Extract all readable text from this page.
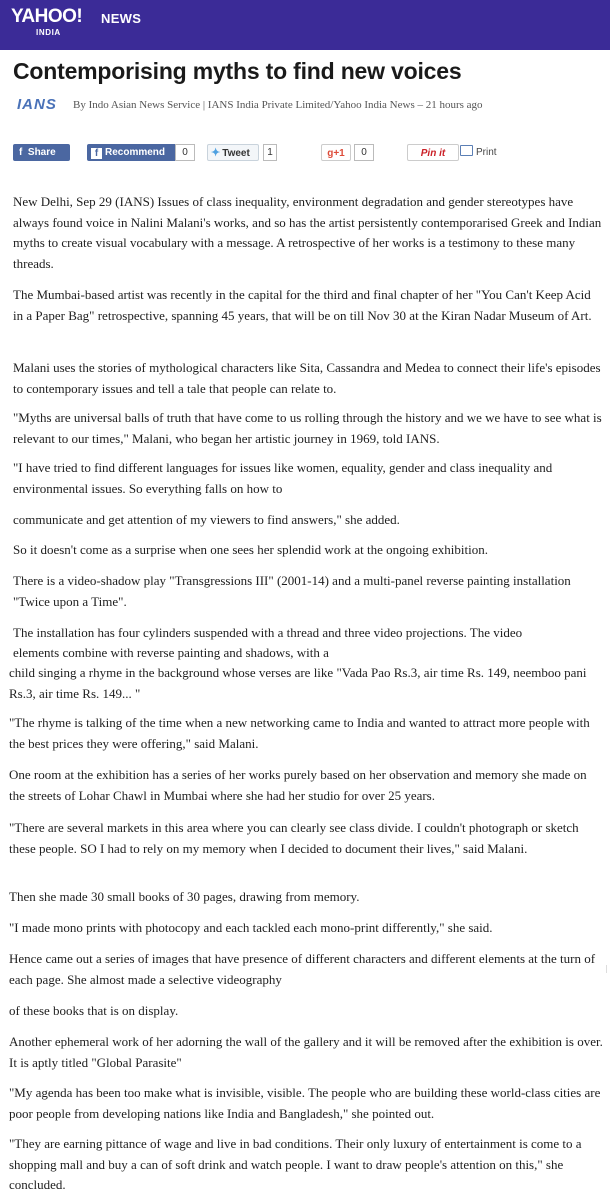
YAHOO! NEWS
INDIA
Contemporising myths to find new voices
IANS By Indo Asian News Service | IANS India Private Limited/Yahoo India News – 21 hours ago
f Share	f Recommend	0	✦ Tweet	1	g+1	0	Pin it	Print

New Delhi, Sep 29 (IANS) Issues of class inequality, environment degradation and gender stereotypes have always found voice in Nalini Malani's works, and so has the artist persistently contemporarised Greek and Indian myths to create visual vocabulary with a message. A retrospective of her works is a testimony to these many threads.

The Mumbai-based artist was recently in the capital for the third and final chapter of her "You Can't Keep Acid in a Paper Bag" retrospective, spanning 45 years, that will be on till Nov 30 at the Kiran Nadar Museum of Art.

Malani uses the stories of mythological characters like Sita, Cassandra and Medea to connect their life's episodes to contemporary issues and tell a tale that people can relate to.

"Myths are universal balls of truth that have come to us rolling through the history and we we have to see what is relevant to our times," Malani, who began her artistic journey in 1969, told IANS.

"I have tried to find different languages for issues like women, equality, gender and class inequality and environmental issues. So everything falls on how to

communicate and get attention of my viewers to find answers," she added.

So it doesn't come as a surprise when one sees her splendid work at the ongoing exhibition.

There is a video-shadow play "Transgressions III" (2001-14) and a multi-panel reverse painting installation "Twice upon a Time".

The installation has four cylinders suspended with a thread and three video projections. The video

elements combine with reverse painting and shadows, with a

child singing a rhyme in the background whose verses are like "Vada Pao Rs.3, air time Rs. 149, neemboo pani Rs.3, air time Rs. 149... "

"The rhyme is talking of the time when a new networking came to India and wanted to attract more people with the best prices they were offering," said Malani.

One room at the exhibition has a series of her works purely based on her observation and memory she made on the streets of Lohar Chawl in Mumbai where she had her studio for over 25 years.

"There are several markets in this area where you can clearly see class divide. I couldn't photograph or sketch these people. SO I had to rely on my memory when I decided to document their lives," said Malani.

Then she made 30 small books of 30 pages, drawing from memory.

"I made mono prints with photocopy and each tackled each mono-print differently," she said.

Hence came out a series of images that have presence of different characters and different elements at the turn of each page. She almost made a selective videography

of these books that is on display.

Another ephemeral work of her adorning the wall of the gallery and it will be removed after the exhibition is over. It is aptly titled "Global Parasite"

"My agenda has been too make what is invisible, visible. The people who are building these world-class cities are poor people from developing nations like India and Bangladesh," she pointed out.

"They are earning pittance of wage and live in bad conditions. Their only luxury of entertainment is come to a shopping mall and buy a can of soft drink and watch people. I want to draw people's attention on this," she concluded.
